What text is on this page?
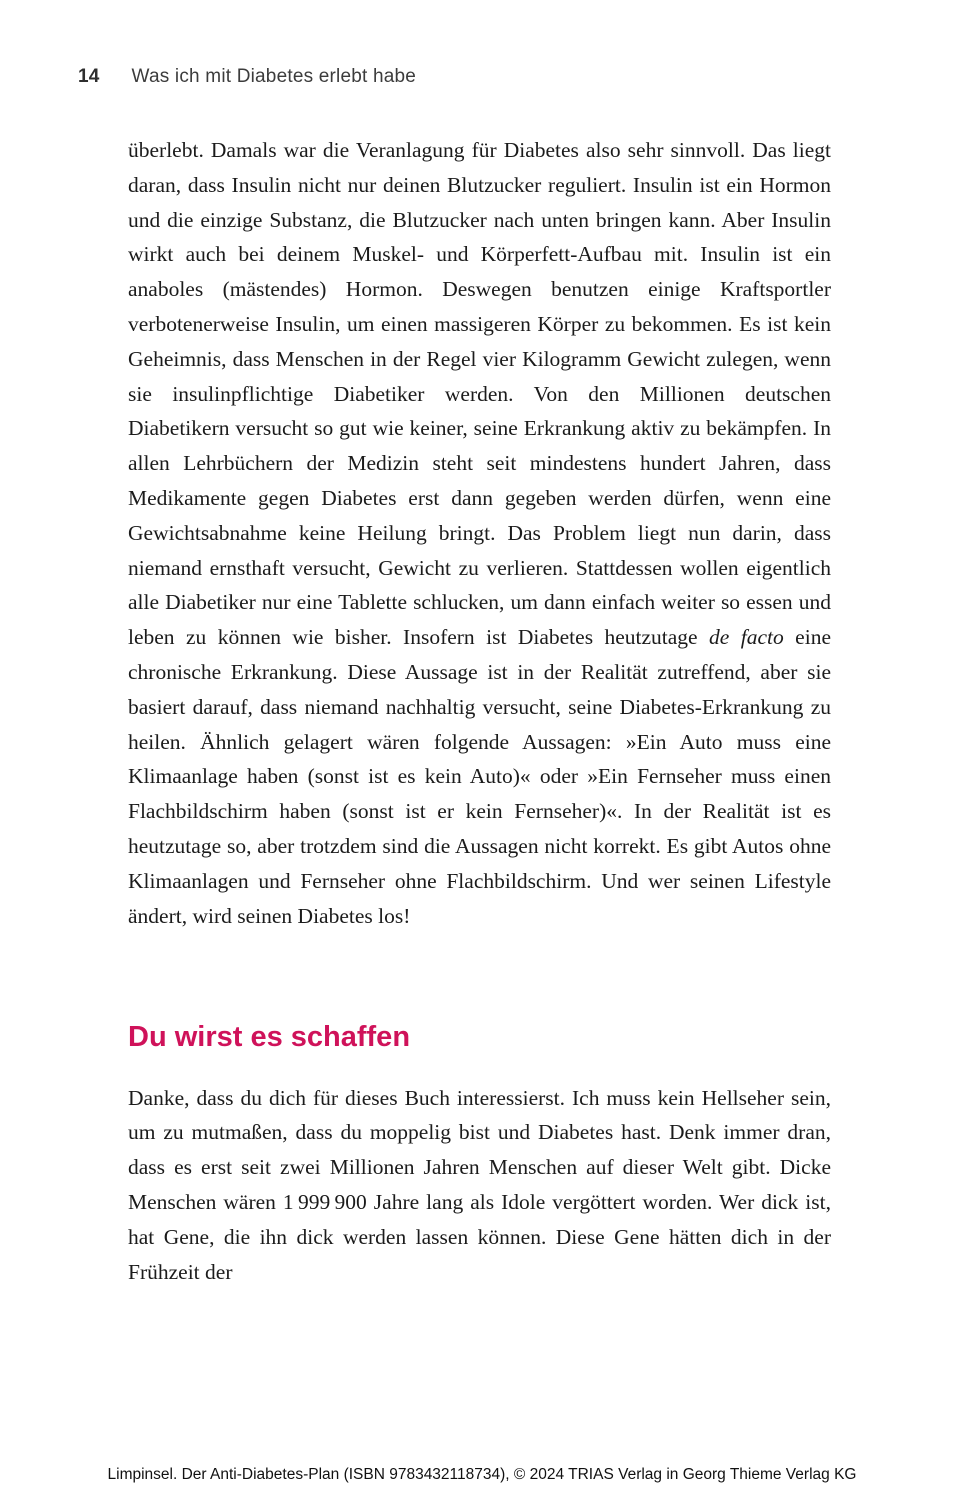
14 Was ich mit Diabetes erlebt habe

überlebt. Damals war die Veranlagung für Diabetes also sehr sinnvoll. Das liegt daran, dass Insulin nicht nur deinen Blutzucker reguliert. Insulin ist ein Hormon und die einzige Substanz, die Blutzucker nach unten bringen kann. Aber Insulin wirkt auch bei deinem Muskel- und Körperfett-Aufbau mit. Insulin ist ein anaboles (mästendes) Hormon. Deswegen benutzen einige Kraftsportler verbotenerweise Insulin, um einen massigeren Körper zu bekommen. Es ist kein Geheimnis, dass Menschen in der Regel vier Kilogramm Gewicht zulegen, wenn sie insulinpflichtige Diabetiker werden. Von den Millionen deutschen Diabetikern versucht so gut wie keiner, seine Erkrankung aktiv zu bekämpfen. In allen Lehrbüchern der Medizin steht seit mindestens hundert Jahren, dass Medikamente gegen Diabetes erst dann gegeben werden dürfen, wenn eine Gewichtsabnahme keine Heilung bringt. Das Problem liegt nun darin, dass niemand ernsthaft versucht, Gewicht zu verlieren. Stattdessen wollen eigentlich alle Diabetiker nur eine Tablette schlucken, um dann einfach weiter so essen und leben zu können wie bisher. Insofern ist Diabetes heutzutage de facto eine chronische Erkrankung. Diese Aussage ist in der Realität zutreffend, aber sie basiert darauf, dass niemand nachhaltig versucht, seine Diabetes-Erkrankung zu heilen. Ähnlich gelagert wären folgende Aussagen: »Ein Auto muss eine Klimaanlage haben (sonst ist es kein Auto)« oder »Ein Fernseher muss einen Flachbildschirm haben (sonst ist er kein Fernseher)«. In der Realität ist es heutzutage so, aber trotzdem sind die Aussagen nicht korrekt. Es gibt Autos ohne Klimaanlagen und Fernseher ohne Flachbildschirm. Und wer seinen Lifestyle ändert, wird seinen Diabetes los!

Du wirst es schaffen

Danke, dass du dich für dieses Buch interessierst. Ich muss kein Hellseher sein, um zu mutmaßen, dass du moppelig bist und Diabetes hast. Denk immer dran, dass es erst seit zwei Millionen Jahren Menschen auf dieser Welt gibt. Dicke Menschen wären 1 999 900 Jahre lang als Idole vergöttert worden. Wer dick ist, hat Gene, die ihn dick werden lassen können. Diese Gene hätten dich in der Frühzeit der

Limpinsel. Der Anti-Diabetes-Plan (ISBN 9783432118734), © 2024 TRIAS Verlag in Georg Thieme Verlag KG
